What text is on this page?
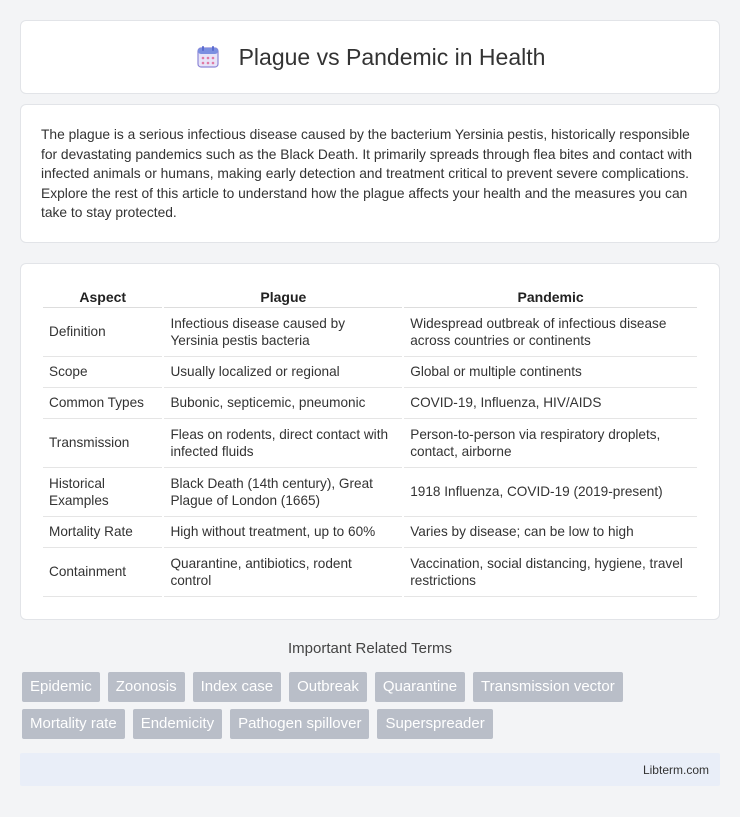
Plague vs Pandemic in Health

The plague is a serious infectious disease caused by the bacterium Yersinia pestis, historically responsible for devastating pandemics such as the Black Death. It primarily spreads through flea bites and contact with infected animals or humans, making early detection and treatment critical to prevent severe complications. Explore the rest of this article to understand how the plague affects your health and the measures you can take to stay protected.

Aspect	Plague	Pandemic
Definition	Infectious disease caused by Yersinia pestis bacteria	Widespread outbreak of infectious disease across countries or continents
Scope	Usually localized or regional	Global or multiple continents
Common Types	Bubonic, septicemic, pneumonic	COVID-19, Influenza, HIV/AIDS
Transmission	Fleas on rodents, direct contact with infected fluids	Person-to-person via respiratory droplets, contact, airborne
Historical Examples	Black Death (14th century), Great Plague of London (1665)	1918 Influenza, COVID-19 (2019-present)
Mortality Rate	High without treatment, up to 60%	Varies by disease; can be low to high
Containment	Quarantine, antibiotics, rodent control	Vaccination, social distancing, hygiene, travel restrictions
Important Related Terms
Epidemic	Zoonosis	Index case	Outbreak	Quarantine	Transmission vector
Mortality rate	Endemicity	Pathogen spillover	Superspreader
Libterm.com
